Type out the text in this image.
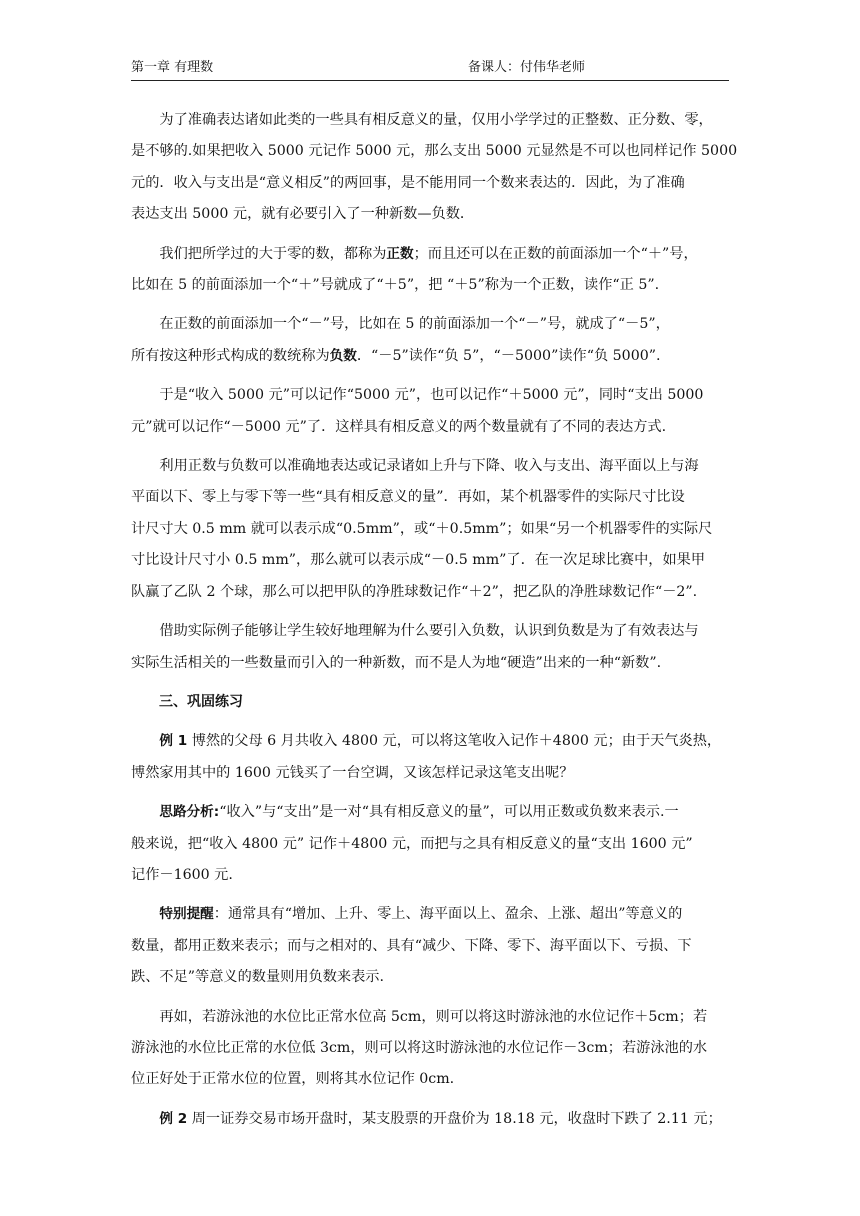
第一章 有理数	备课人：付伟华老师

为了准确表达诸如此类的一些具有相反意义的量，仅用小学学过的正整数、正分数、零，
是不够的.如果把收入 5000 元记作 5000 元，那么支出 5000 元显然是不可以也同样记作 5000
元的．收入与支出是“意义相反”的两回事，是不能用同一个数来表达的．因此，为了准确
表达支出 5000 元，就有必要引入了一种新数—负数．

我们把所学过的大于零的数，都称为正数；而且还可以在正数的前面添加一个“＋”号，
比如在 5 的前面添加一个“＋”号就成了“＋5”，把 “＋5”称为一个正数，读作“正 5”.

在正数的前面添加一个“－”号，比如在 5 的前面添加一个“－”号，就成了“－5”，
所有按这种形式构成的数统称为负数．“－5”读作“负 5”，“－5000”读作“负 5000”.

于是“收入 5000 元”可以记作“5000 元”，也可以记作“＋5000 元”，同时“支出 5000
元”就可以记作“－5000 元”了．这样具有相反意义的两个数量就有了不同的表达方式.

利用正数与负数可以准确地表达或记录诸如上升与下降、收入与支出、海平面以上与海
平面以下、零上与零下等一些“具有相反意义的量”．再如，某个机器零件的实际尺寸比设
计尺寸大 0.5 mm 就可以表示成“0.5mm”，或“＋0.5mm”；如果“另一个机器零件的实际尺
寸比设计尺寸小 0.5 mm”，那么就可以表示成“－0.5 mm”了．在一次足球比赛中，如果甲
队赢了乙队 2 个球，那么可以把甲队的净胜球数记作“＋2”，把乙队的净胜球数记作“－2”.

借助实际例子能够让学生较好地理解为什么要引入负数，认识到负数是为了有效表达与
实际生活相关的一些数量而引入的一种新数，而不是人为地“硬造”出来的一种“新数”.

三、巩固练习

例 1 博然的父母 6 月共收入 4800 元，可以将这笔收入记作＋4800 元；由于天气炎热，
博然家用其中的 1600 元钱买了一台空调，又该怎样记录这笔支出呢？

思路分析:“收入”与“支出”是一对“具有相反意义的量”，可以用正数或负数来表示.一
般来说，把“收入 4800 元” 记作＋4800 元，而把与之具有相反意义的量“支出 1600 元”
记作－1600 元.

特别提醒：通常具有“增加、上升、零上、海平面以上、盈余、上涨、超出”等意义的
数量，都用正数来表示；而与之相对的、具有“减少、下降、零下、海平面以下、亏损、下
跌、不足”等意义的数量则用负数来表示.

再如，若游泳池的水位比正常水位高 5cm，则可以将这时游泳池的水位记作＋5cm；若
游泳池的水位比正常的水位低 3cm，则可以将这时游泳池的水位记作－3cm；若游泳池的水
位正好处于正常水位的位置，则将其水位记作 0cm.

例 2 周一证券交易市场开盘时，某支股票的开盘价为 18.18 元，收盘时下跌了 2.11 元；
